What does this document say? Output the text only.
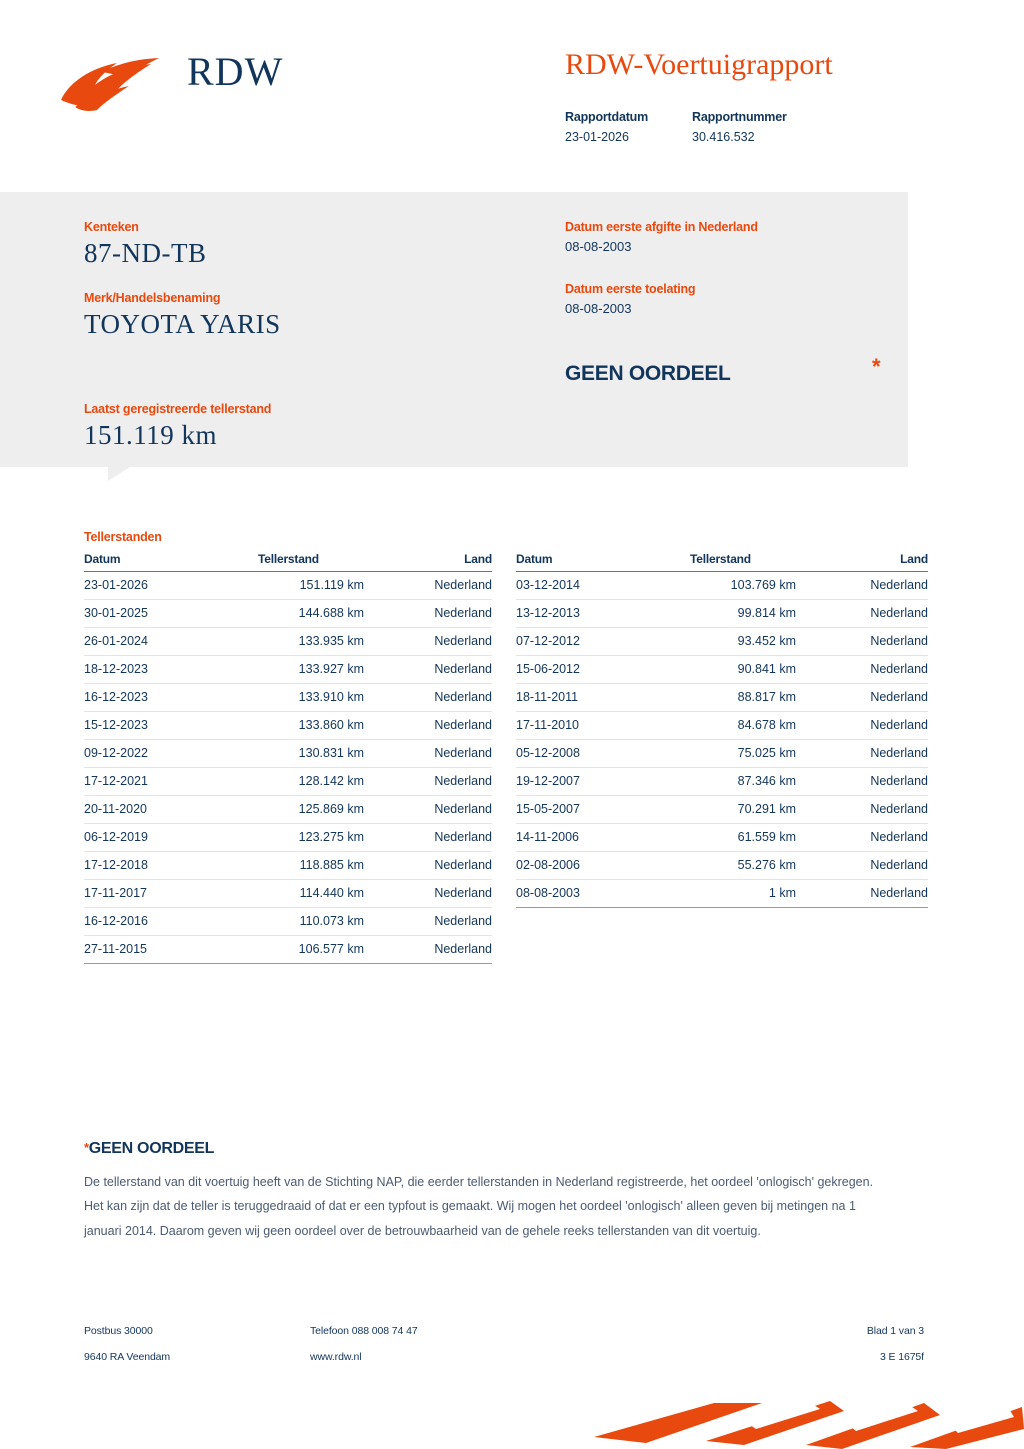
RDW	RDW-Voertuigrapport
Rapportdatum	Rapportnummer
23-01-2026	30.416.532
Kenteken
87-ND-TB
Merk/Handelsbenaming
TOYOTA YARIS
Laatst geregistreerde tellerstand
151.119 km
Datum eerste afgifte in Nederland
08-08-2003
Datum eerste toelating
08-08-2003
GEEN OORDEEL	*
Tellerstanden
Datum	Tellerstand	Land
23-01-2026	151.119 km	Nederland
30-01-2025	144.688 km	Nederland
26-01-2024	133.935 km	Nederland
18-12-2023	133.927 km	Nederland
16-12-2023	133.910 km	Nederland
15-12-2023	133.860 km	Nederland
09-12-2022	130.831 km	Nederland
17-12-2021	128.142 km	Nederland
20-11-2020	125.869 km	Nederland
06-12-2019	123.275 km	Nederland
17-12-2018	118.885 km	Nederland
17-11-2017	114.440 km	Nederland
16-12-2016	110.073 km	Nederland
27-11-2015	106.577 km	Nederland
Datum	Tellerstand	Land
03-12-2014	103.769 km	Nederland
13-12-2013	99.814 km	Nederland
07-12-2012	93.452 km	Nederland
15-06-2012	90.841 km	Nederland
18-11-2011	88.817 km	Nederland
17-11-2010	84.678 km	Nederland
05-12-2008	75.025 km	Nederland
19-12-2007	87.346 km	Nederland
15-05-2007	70.291 km	Nederland
14-11-2006	61.559 km	Nederland
02-08-2006	55.276 km	Nederland
08-08-2003	1 km	Nederland
*GEEN OORDEEL
De tellerstand van dit voertuig heeft van de Stichting NAP, die eerder tellerstanden in Nederland registreerde, het oordeel 'onlogisch' gekregen. Het kan zijn dat de teller is teruggedraaid of dat er een typfout is gemaakt. Wij mogen het oordeel 'onlogisch' alleen geven bij metingen na 1 januari 2014. Daarom geven wij geen oordeel over de betrouwbaarheid van de gehele reeks tellerstanden van dit voertuig.
Postbus 30000	Telefoon 088 008 74 47	Blad 1 van 3
9640 RA Veendam	www.rdw.nl	3 E 1675f
